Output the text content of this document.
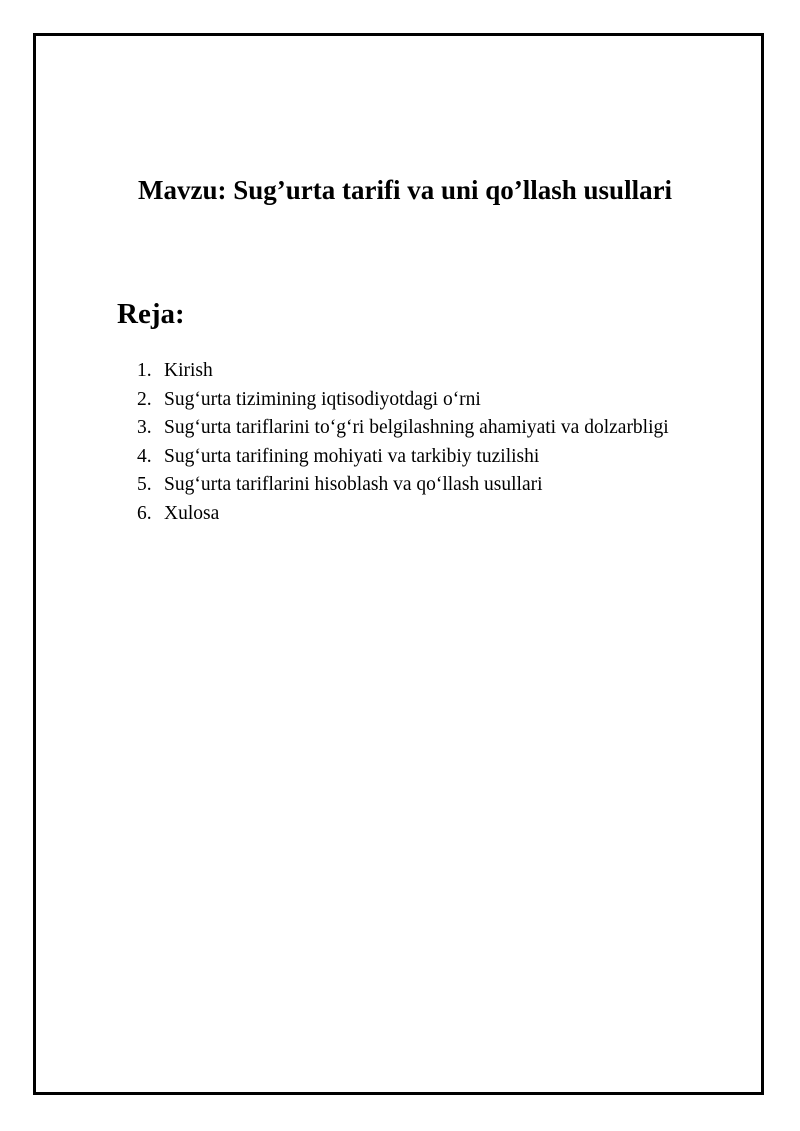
Mavzu: Sug’urta tarifi va uni qo’llash usullari
Reja:
1. Kirish
2. Sug‘urta tizimining iqtisodiyotdagi o‘rni
3. Sug‘urta tariflarini to‘g‘ri belgilashning ahamiyati va dolzarbligi
4. Sug‘urta tarifining mohiyati va tarkibiy tuzilishi
5. Sug‘urta tariflarini hisoblash va qo‘llash usullari
6. Xulosa
